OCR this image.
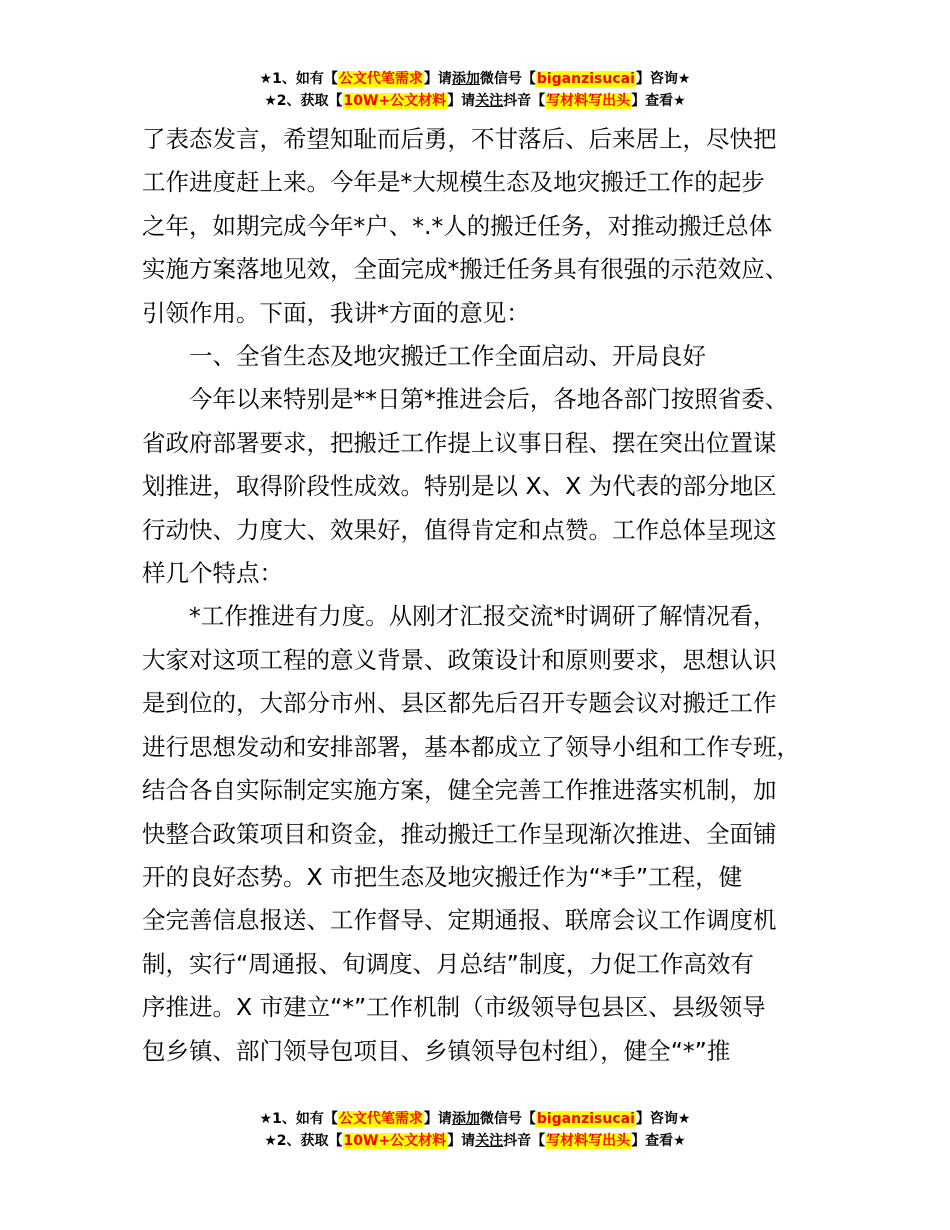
★1、如有【公文代笔需求】请添加微信号【biganzisucai】咨询★
★2、获取【10W+公文材料】请关注抖音【写材料写出头】查看★

了表态发言，希望知耻而后勇，不甘落后、后来居上，尽快把
工作进度赶上来。今年是*大规模生态及地灾搬迁工作的起步
之年，如期完成今年*户、*.*人的搬迁任务，对推动搬迁总体
实施方案落地见效，全面完成*搬迁任务具有很强的示范效应、
引领作用。下面，我讲*方面的意见：

一、全省生态及地灾搬迁工作全面启动、开局良好

今年以来特别是**日第*推进会后，各地各部门按照省委、
省政府部署要求，把搬迁工作提上议事日程、摆在突出位置谋
划推进，取得阶段性成效。特别是以 X、X 为代表的部分地区
行动快、力度大、效果好，值得肯定和点赞。工作总体呈现这
样几个特点：

*工作推进有力度。从刚才汇报交流*时调研了解情况看，
大家对这项工程的意义背景、政策设计和原则要求，思想认识
是到位的，大部分市州、县区都先后召开专题会议对搬迁工作
进行思想发动和安排部署，基本都成立了领导小组和工作专班，
结合各自实际制定实施方案，健全完善工作推进落实机制，加
快整合政策项目和资金，推动搬迁工作呈现渐次推进、全面铺
开的良好态势。X 市把生态及地灾搬迁作为“*手”工程，健
全完善信息报送、工作督导、定期通报、联席会议工作调度机
制，实行“周通报、旬调度、月总结”制度，力促工作高效有
序推进。X 市建立“*”工作机制（市级领导包县区、县级领导
包乡镇、部门领导包项目、乡镇领导包村组），健全“*”推

★1、如有【公文代笔需求】请添加微信号【biganzisucai】咨询★
★2、获取【10W+公文材料】请关注抖音【写材料写出头】查看★
